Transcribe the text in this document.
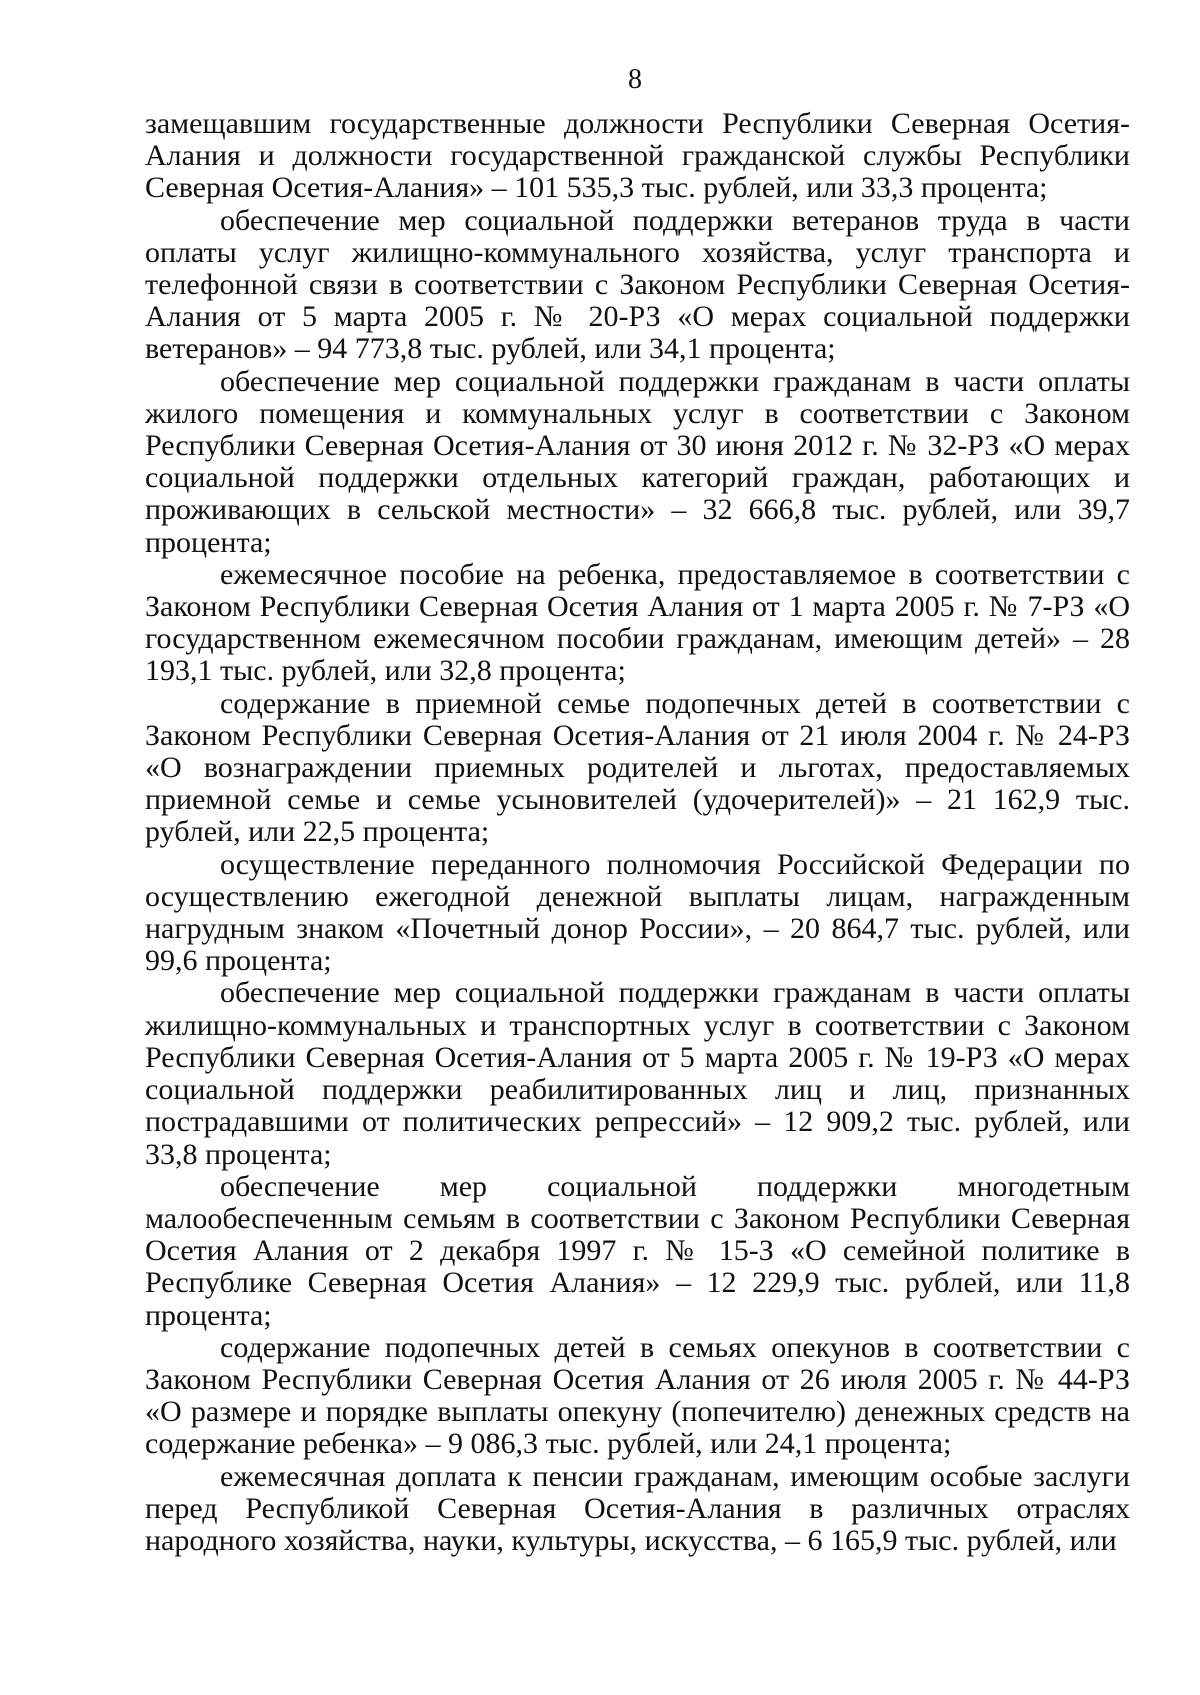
8

замещавшим государственные должности Республики Северная Осетия-Алания и должности государственной гражданской службы Республики Северная Осетия-Алания» – 101 535,3 тыс. рублей, или 33,3 процента;

обеспечение мер социальной поддержки ветеранов труда в части оплаты услуг жилищно-коммунального хозяйства, услуг транспорта и телефонной связи в соответствии с Законом Республики Северная Осетия-Алания от 5 марта 2005 г. № 20-РЗ «О мерах социальной поддержки ветеранов» – 94 773,8 тыс. рублей, или 34,1 процента;

обеспечение мер социальной поддержки гражданам в части оплаты жилого помещения и коммунальных услуг в соответствии с Законом Республики Северная Осетия-Алания от 30 июня 2012 г. № 32-РЗ «О мерах социальной поддержки отдельных категорий граждан, работающих и проживающих в сельской местности» – 32 666,8 тыс. рублей, или 39,7 процента;

ежемесячное пособие на ребенка, предоставляемое в соответствии с Законом Республики Северная Осетия Алания от 1 марта 2005 г. № 7-РЗ «О государственном ежемесячном пособии гражданам, имеющим детей» – 28 193,1 тыс. рублей, или 32,8 процента;

содержание в приемной семье подопечных детей в соответствии с Законом Республики Северная Осетия-Алания от 21 июля 2004 г. № 24-РЗ «О вознаграждении приемных родителей и льготах, предоставляемых приемной семье и семье усыновителей (удочерителей)» – 21 162,9 тыс. рублей, или 22,5 процента;

осуществление переданного полномочия Российской Федерации по осуществлению ежегодной денежной выплаты лицам, награжденным нагрудным знаком «Почетный донор России», – 20 864,7 тыс. рублей, или 99,6 процента;

обеспечение мер социальной поддержки гражданам в части оплаты жилищно-коммунальных и транспортных услуг в соответствии с Законом Республики Северная Осетия-Алания от 5 марта 2005 г. № 19-РЗ «О мерах социальной поддержки реабилитированных лиц и лиц, признанных пострадавшими от политических репрессий» – 12 909,2 тыс. рублей, или 33,8 процента;

обеспечение мер социальной поддержки многодетным малообеспеченным семьям в соответствии с Законом Республики Северная Осетия Алания от 2 декабря 1997 г. № 15-З «О семейной политике в Республике Северная Осетия Алания» – 12 229,9 тыс. рублей, или 11,8 процента;

содержание подопечных детей в семьях опекунов в соответствии с Законом Республики Северная Осетия Алания от 26 июля 2005 г. № 44-РЗ «О размере и порядке выплаты опекуну (попечителю) денежных средств на содержание ребенка» – 9 086,3 тыс. рублей, или 24,1 процента;

ежемесячная доплата к пенсии гражданам, имеющим особые заслуги перед Республикой Северная Осетия-Алания в различных отраслях народного хозяйства, науки, культуры, искусства, – 6 165,9 тыс. рублей, или
